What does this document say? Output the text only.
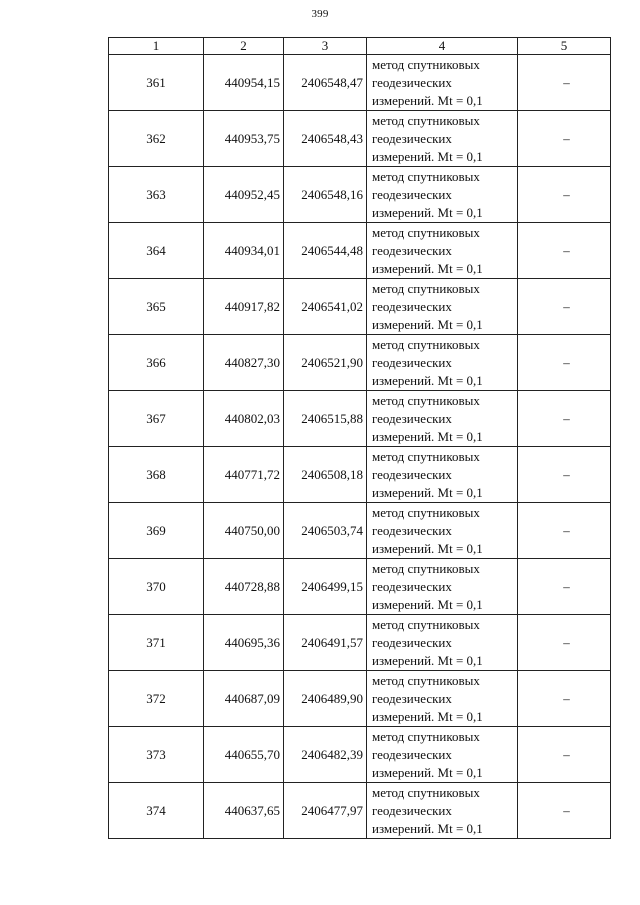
399
1	2	3	4	5
361	440954,15	2406548,47	метод спутниковых
геодезических
измерений. Mt = 0,1	–
362	440953,75	2406548,43	метод спутниковых
геодезических
измерений. Mt = 0,1	–
363	440952,45	2406548,16	метод спутниковых
геодезических
измерений. Mt = 0,1	–
364	440934,01	2406544,48	метод спутниковых
геодезических
измерений. Mt = 0,1	–
365	440917,82	2406541,02	метод спутниковых
геодезических
измерений. Mt = 0,1	–
366	440827,30	2406521,90	метод спутниковых
геодезических
измерений. Mt = 0,1	–
367	440802,03	2406515,88	метод спутниковых
геодезических
измерений. Mt = 0,1	–
368	440771,72	2406508,18	метод спутниковых
геодезических
измерений. Mt = 0,1	–
369	440750,00	2406503,74	метод спутниковых
геодезических
измерений. Mt = 0,1	–
370	440728,88	2406499,15	метод спутниковых
геодезических
измерений. Mt = 0,1	–
371	440695,36	2406491,57	метод спутниковых
геодезических
измерений. Mt = 0,1	–
372	440687,09	2406489,90	метод спутниковых
геодезических
измерений. Mt = 0,1	–
373	440655,70	2406482,39	метод спутниковых
геодезических
измерений. Mt = 0,1	–
374	440637,65	2406477,97	метод спутниковых
геодезических
измерений. Mt = 0,1	–
